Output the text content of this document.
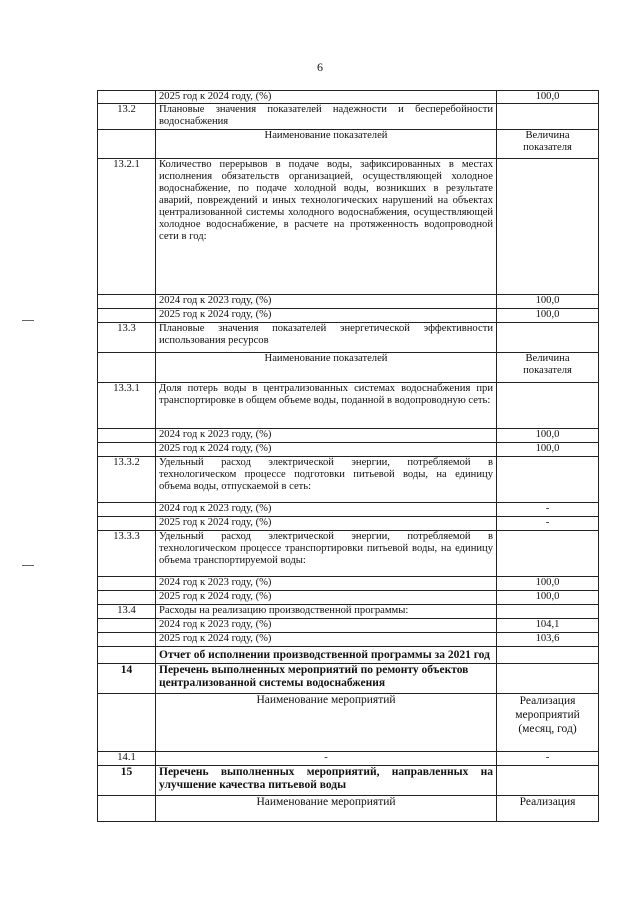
6
	2025 год к 2024 году, (%)	100,0
13.2	Плановые значения показателей надежности и бесперебойности водоснабжения	
	Наименование показателей	Величина показателя
13.2.1	Количество перерывов в подаче воды, зафиксированных в местах исполнения обязательств организацией, осуществляющей холодное водоснабжение, по подаче холодной воды, возникших в результате аварий, повреждений и иных технологических нарушений на объектах централизованной системы холодного водоснабжения, осуществляющей холодное водоснабжение, в расчете на протяженность водопроводной сети в год:	
	2024 год к 2023 году, (%)	100,0
	2025 год к 2024 году, (%)	100,0
13.3	Плановые значения показателей энергетической эффективности использования ресурсов	
	Наименование показателей	Величина показателя
13.3.1	Доля потерь воды в централизованных системах водоснабжения при транспортировке в общем объеме воды, поданной в водопроводную сеть:	
	2024 год к 2023 году, (%)	100,0
	2025 год к 2024 году, (%)	100,0
13.3.2	Удельный расход электрической энергии, потребляемой в технологическом процессе подготовки питьевой воды, на единицу объема воды, отпускаемой в сеть:	
	2024 год к 2023 году, (%)	-
	2025 год к 2024 году, (%)	-
13.3.3	Удельный расход электрической энергии, потребляемой в технологическом процессе транспортировки питьевой воды, на единицу объема транспортируемой воды:	
	2024 год к 2023 году, (%)	100,0
	2025 год к 2024 году, (%)	100,0
13.4	Расходы на реализацию производственной программы:	
	2024 год к 2023 году, (%)	104,1
	2025 год к 2024 году, (%)	103,6
	Отчет об исполнении производственной программы за 2021 год	
14	Перечень выполненных мероприятий по ремонту объектов централизованной системы водоснабжения	
	Наименование мероприятий	Реализация мероприятий (месяц, год)
14.1	-	-
15	Перечень выполненных мероприятий, направленных на улучшение качества питьевой воды	
	Наименование мероприятий	Реализация
